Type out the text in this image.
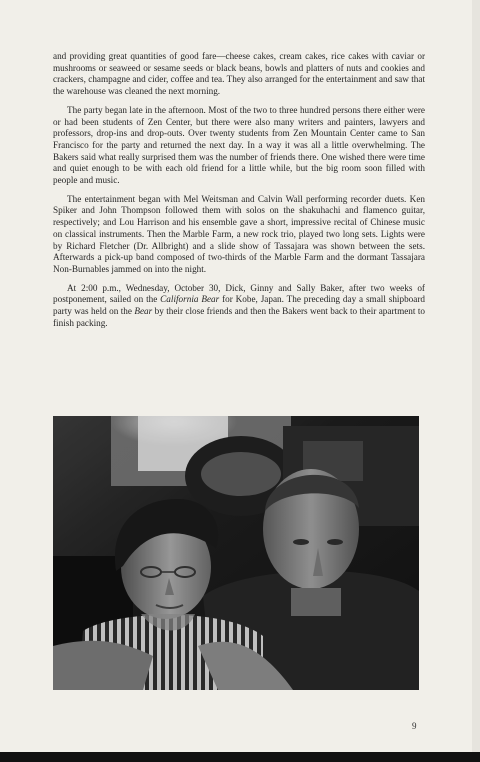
and providing great quantities of good fare—cheese cakes, cream cakes, rice cakes with caviar or mushrooms or seaweed or sesame seeds or black beans, bowls and platters of nuts and cookies and crackers, champagne and cider, coffee and tea. They also arranged for the entertainment and saw that the warehouse was cleaned the next morning.

The party began late in the afternoon. Most of the two to three hundred persons there either were or had been students of Zen Center, but there were also many writers and painters, lawyers and professors, drop-ins and drop-outs. Over twenty students from Zen Mountain Center came to San Francisco for the party and returned the next day. In a way it was all a little overwhelming. The Bakers said what really surprised them was the number of friends there. One wished there were time and quiet enough to be with each old friend for a little while, but the big room soon filled with people and music.

The entertainment began with Mel Weitsman and Calvin Wall performing recorder duets. Ken Spiker and John Thompson followed them with solos on the shakuhachi and flamenco guitar, respectively; and Lou Harrison and his ensemble gave a short, impressive recital of Chinese music on classical instruments. Then the Marble Farm, a new rock trio, played two long sets. Lights were by Richard Fletcher (Dr. Allbright) and a slide show of Tassajara was shown between the sets. Afterwards a pick-up band composed of two-thirds of the Marble Farm and the dormant Tassajara Non-Burnables jammed on into the night.

At 2:00 p.m., Wednesday, October 30, Dick, Ginny and Sally Baker, after two weeks of postponement, sailed on the California Bear for Kobe, Japan. The preceding day a small shipboard party was held on the Bear by their close friends and then the Bakers went back to their apartment to finish packing.

9
